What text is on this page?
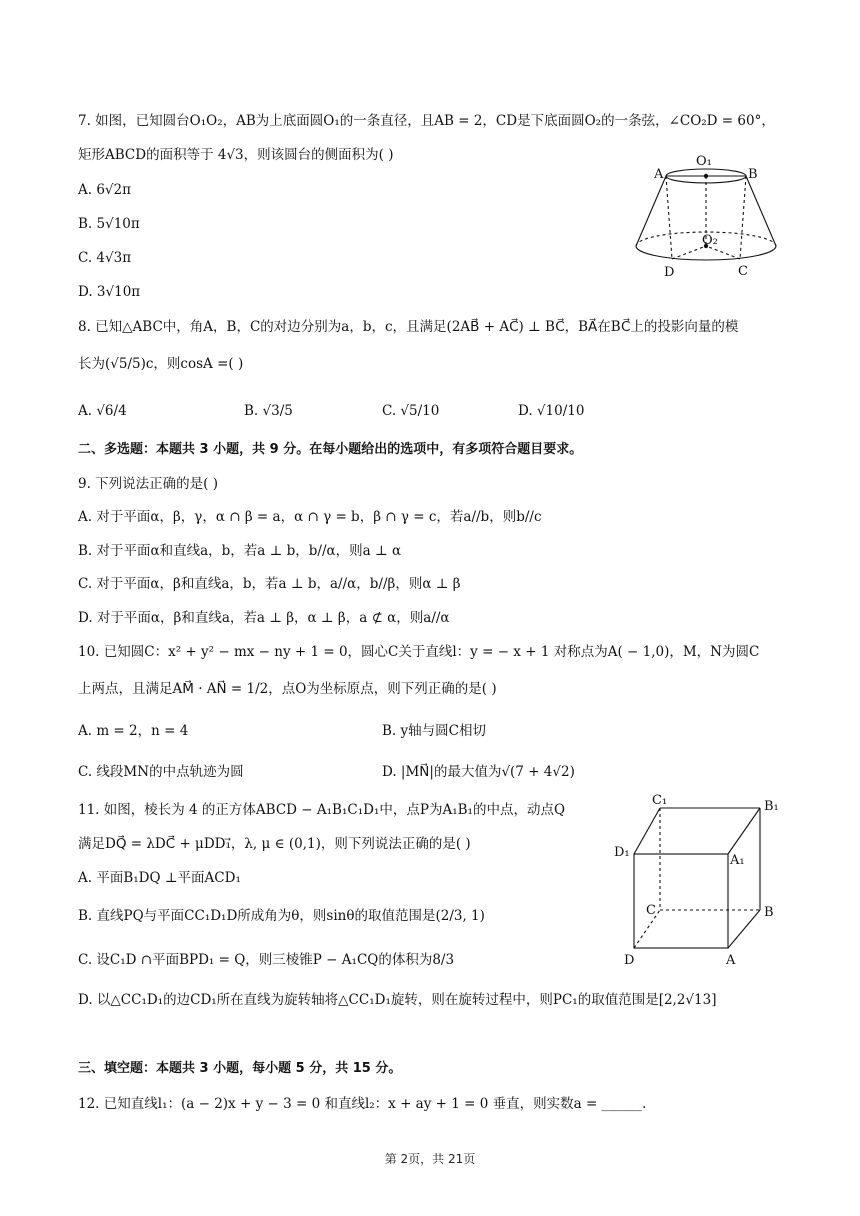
7. 如图，已知圆台O₁O₂，AB为上底面圆O₁的一条直径，且AB = 2，CD是下底面圆O₂的一条弦，∠CO₂D = 60°，
矩形ABCD的面积等于 4√3，则该圆台的侧面积为( )
A. 6√2π
B. 5√10π
C. 4√3π
D. 3√10π
O₁
A	B
O₂
D	C
8. 已知△ABC中，角A，B，C的对边分别为a，b，c，且满足(2AB⃗ + AC⃗) ⊥ BC⃗，BA⃗在BC⃗上的投影向量的模
长为(√5/5)c，则cosA =( )
A. √6/4	B. √3/5	C. √5/10	D. √10/10
二、多选题：本题共 3 小题，共 9 分。在每小题给出的选项中，有多项符合题目要求。
9. 下列说法正确的是( )
A. 对于平面α，β，γ，α ∩ β = a，α ∩ γ = b，β ∩ γ = c，若a//b，则b//c
B. 对于平面α和直线a，b，若a ⊥ b，b//α，则a ⊥ α
C. 对于平面α，β和直线a，b，若a ⊥ b，a//α，b//β，则α ⊥ β
D. 对于平面α，β和直线a，若a ⊥ β，α ⊥ β，a ⊄ α，则a//α
10. 已知圆C：x² + y² − mx − ny + 1 = 0，圆心C关于直线l：y = − x + 1 对称点为A( − 1,0)，M，N为圆C
上两点，且满足AM⃗ · AN⃗ = 1/2，点O为坐标原点，则下列正确的是( )
A. m = 2，n = 4	B. y轴与圆C相切
C. 线段MN的中点轨迹为圆	D. |MN⃗|的最大值为√(7 + 4√2)
11. 如图，棱长为 4 的正方体ABCD − A₁B₁C₁D₁中，点P为A₁B₁的中点，动点Q
满足DQ⃗ = λDC⃗ + μDD₁⃗，λ, μ ∈ (0,1)，则下列说法正确的是( )
A. 平面B₁DQ ⊥平面ACD₁
B. 直线PQ与平面CC₁D₁D所成角为θ，则sinθ的取值范围是(2/3, 1)
C. 设C₁D ∩平面BPD₁ = Q，则三棱锥P − A₁CQ的体积为8/3
D. 以△CC₁D₁的边CD₁所在直线为旋转轴将△CC₁D₁旋转，则在旋转过程中，则PC₁的取值范围是[2,2√13]
C₁	B₁
D₁
A₁
C	B
D	A
三、填空题：本题共 3 小题，每小题 5 分，共 15 分。
12. 已知直线l₁：(a − 2)x + y − 3 = 0 和直线l₂：x + ay + 1 = 0 垂直，则实数a = ______.
第 2页，共 21页
